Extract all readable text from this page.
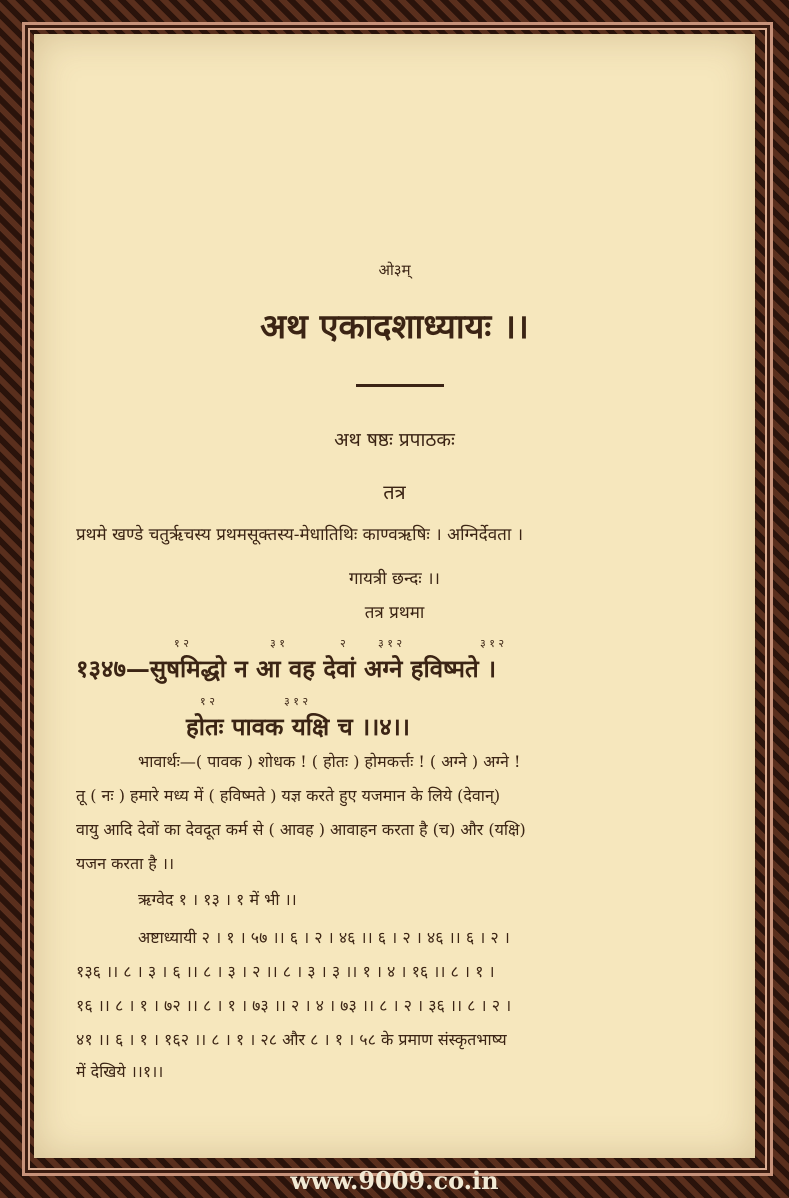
ओ३म्
अथ एकादशाध्यायः ।।
अथ षष्ठः प्रपाठकः
तत्र
प्रथमे खण्डे चतुरृचस्य प्रथमसूक्तस्य-मेधातिथिः काण्वऋषिः । अग्निर्देवता ।
गायत्री छन्दः ।।
तत्र प्रथमा
१ २	३ १	२	३ १ २	३ १ २
१३४७—सुषमिद्धो न आ वह देवां अग्ने हविष्मते ।
१ २	३ १ २
होतः पावक यक्षि च ।।४।।
भावार्थः—( पावक ) शोधक ! ( होतः ) होमकर्त्तः ! ( अग्ने ) अग्ने !
तू ( नः ) हमारे मध्य में ( हविष्मते ) यज्ञ करते हुए यजमान के लिये (देवान्)
वायु आदि देवों का देवदूत कर्म से ( आवह ) आवाहन करता है (च) और (यक्षि)
यजन करता है ।।
ऋग्वेद १ । १३ । १ में भी ।।
अष्टाध्यायी २ । १ । ५७ ।। ६ । २ । ४६ ।। ६ । २ । ४६ ।। ६ । २ ।
१३६ ।। ८ । ३ । ६ ।। ८ । ३ । २ ।। ८ । ३ । ३ ।। १ । ४ । १६ ।। ८ । १ ।
१६ ।। ८ । १ । ७२ ।। ८ । १ । ७३ ।। २ । ४ । ७३ ।। ८ । २ । ३६ ।। ८ । २ ।
४१ ।। ६ । १ । १६२ ।। ८ । १ । २८ और ८ । १ । ५८ के प्रमाण संस्कृतभाष्य
में देखिये ।।१।।
www.9009.co.in
